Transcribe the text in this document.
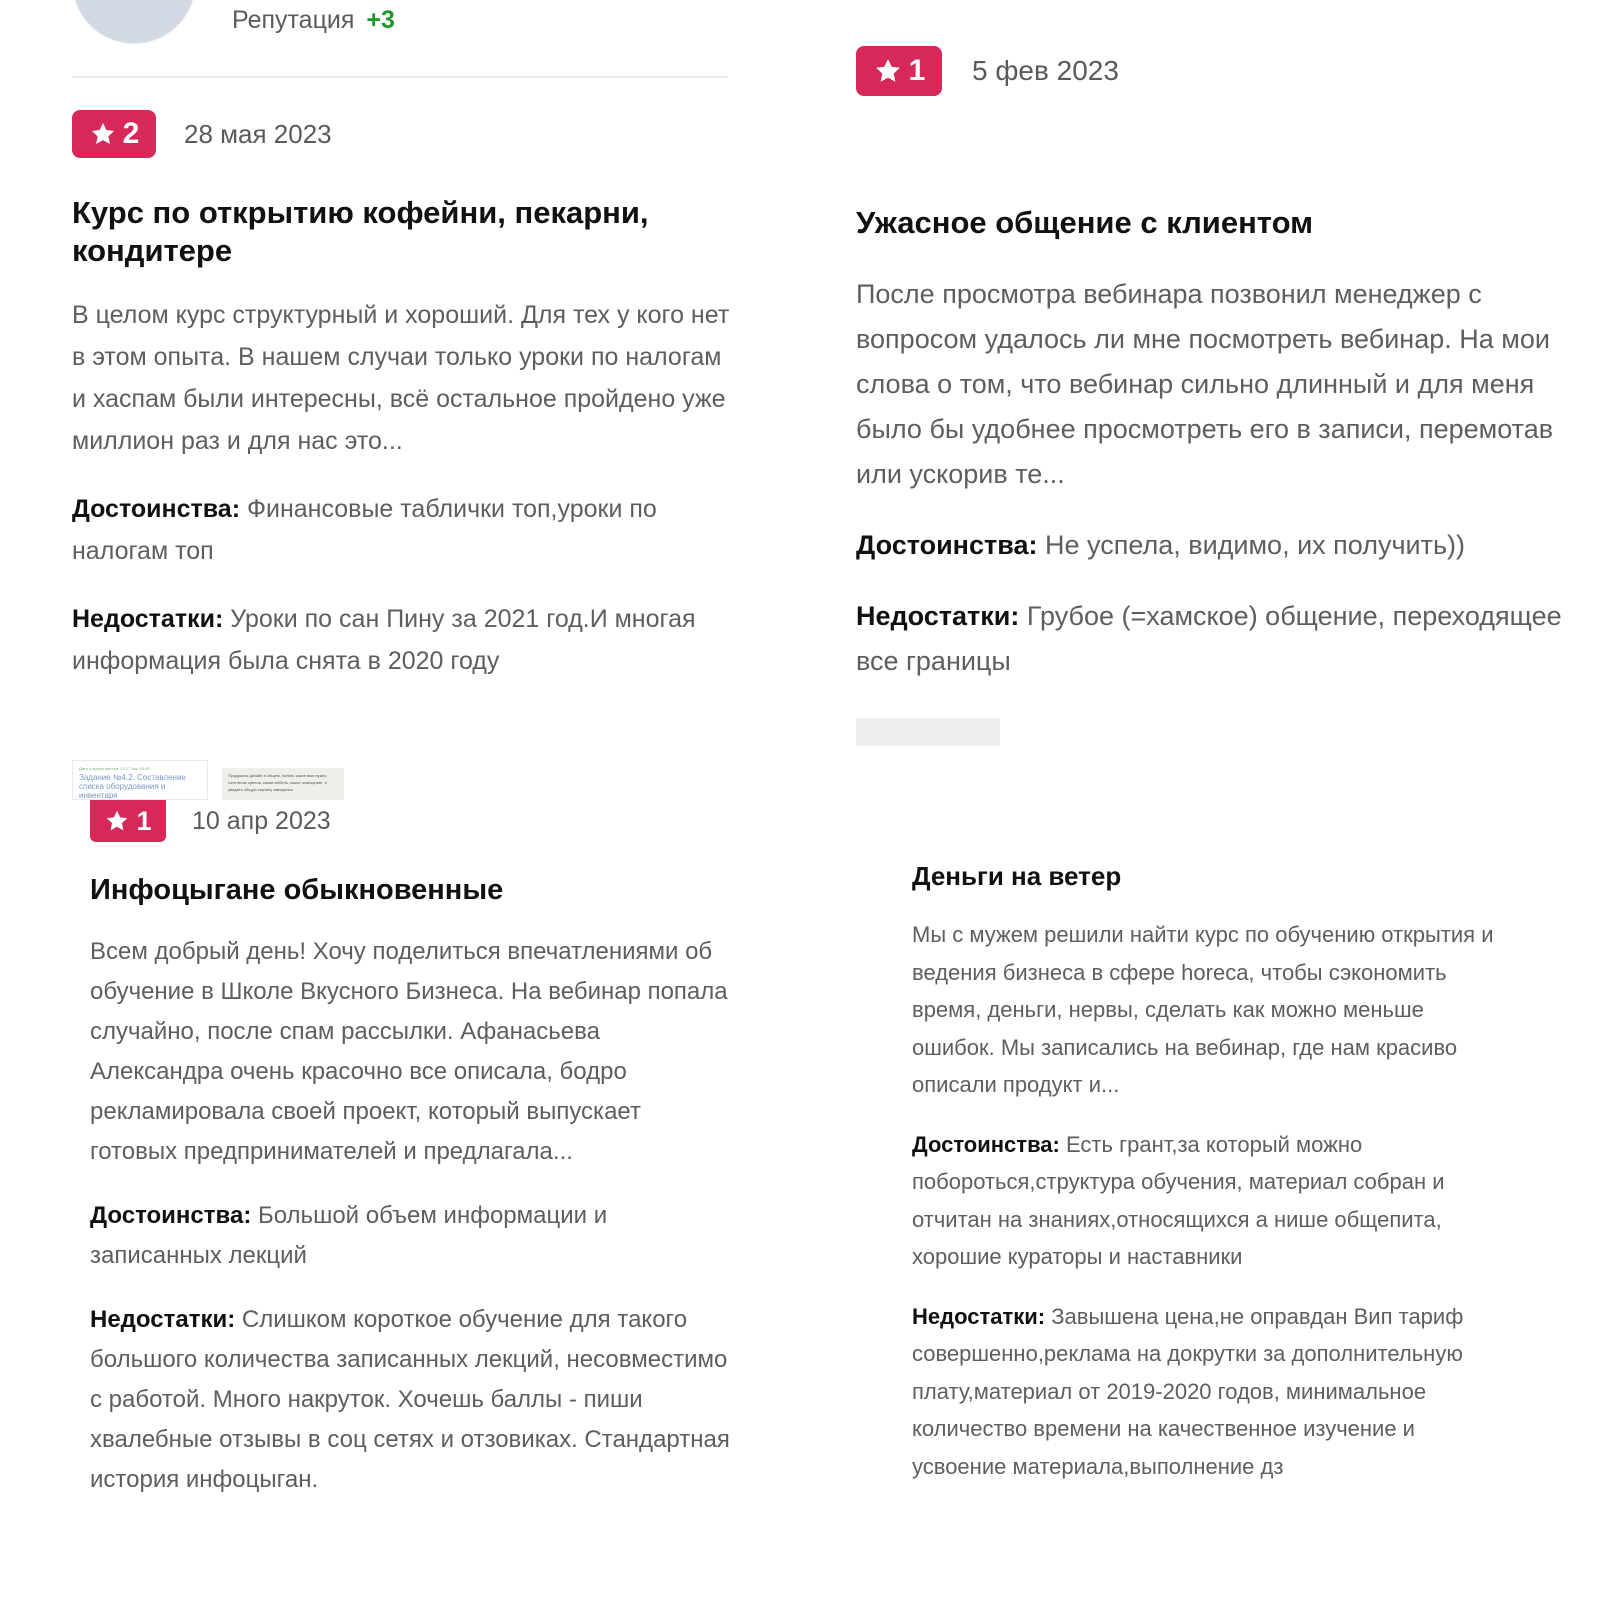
Репутация +3
2 28 мая 2023
Курс по открытию кофейни, пекарни, кондитере
В целом курс структурный и хороший. Для тех у кого нет в этом опыта. В нашем случаи только уроки по налогам и хаспам были интересны, всё остальное пройдено уже миллион раз и для нас это...
Достоинства: Финансовые таблички топ,уроки по налогам топ
Недостатки: Уроки по сан Пину за 2021 год.И многая информация была снята в 2020 году
Дата и время начала: 10 27 Апр 10:00
Задание №4.2. Составление списка оборудования и инвентаря
Продумать дизайн в общем, понять какое вам нужно сочетание цветов, какая мебель, какое освещение, и увидеть общую картину заведения
1 5 фев 2023
Ужасное общение с клиентом
После просмотра вебинара позвонил менеджер с вопросом удалось ли мне посмотреть вебинар. На мои слова о том, что вебинар сильно длинный и для меня было бы удобнее просмотреть его в записи, перемотав или ускорив те...
Достоинства: Не успела, видимо, их получить))
Недостатки: Грубое (=хамское) общение, переходящее все границы
1 10 апр 2023
Инфоцыгане обыкновенные
Всем добрый день! Хочу поделиться впечатлениями об обучение в Школе Вкусного Бизнеса. На вебинар попала случайно, после спам рассылки. Афанасьева Александра очень красочно все описала, бодро рекламировала своей проект, который выпускает готовых предпринимателей и предлагала...
Достоинства: Большой объем информации и записанных лекций
Недостатки: Слишком короткое обучение для такого большого количества записанных лекций, несовместимо с работой. Много накруток. Хочешь баллы - пиши хвалебные отзывы в соц сетях и отзовиках. Стандартная история инфоцыган.
Деньги на ветер
Мы с мужем решили найти курс по обучению открытия и ведения бизнеса в сфере horeca, чтобы сэкономить время, деньги, нервы, сделать как можно меньше ошибок. Мы записались на вебинар, где нам красиво описали продукт и...
Достоинства: Есть грант,за который можно побороться,структура обучения, материал собран и отчитан на знаниях,относящихся а нише общепита, хорошие кураторы и наставники
Недостатки: Завышена цена,не оправдан Вип тариф совершенно,реклама на докрутки за дополнительную плату,материал от 2019-2020 годов, минимальное количество времени на качественное изучение и усвоение материала,выполнение дз
